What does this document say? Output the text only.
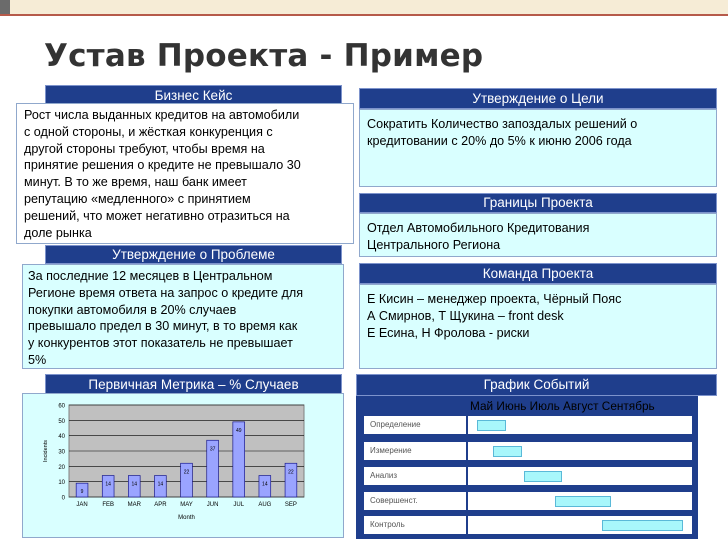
Устав Проекта - Пример
Бизнес Кейс
Рост числа выданных кредитов на автомобили
с одной стороны, и жёсткая конкуренция с
другой стороны требуют, чтобы время на
принятие решения о кредите не превышало 30
минут. В то же время, наш банк имеет
репутацию «медленного» с принятием
решений, что может негативно отразиться на
доле рынка
Утверждение о Проблеме
За последние 12 месяцев в Центральном
Регионе время ответа на запрос о кредите для
покупки автомобиля в 20% случаев
превышало предел в 30 минут, в то время как
у конкурентов этот показатель не превышает
5%
Утверждение о Цели
Сократить Количество запоздалых решений о
кредитовании с 20% до 5% к июню 2006 года
Границы Проекта
Отдел Автомобильного Кредитования
Центрального Региона
Команда Проекта
Е Кисин – менеджер проекта, Чёрный Пояс
А Смирнов, Т Щукина – front desk
Е Есина, Н Фролова - риски
Первичная Метрика – % Случаев
0
10
20
30
40
50
60
9
JAN
14
FEB
14
MAR
14
APR
22
MAY
37
JUN
49
JUL
14
AUG
22
SEP
Month
Incidents
График Событий
Определение
Измерение
Анализ
Совершенст.
Контроль
Май Июнь Июль Август Сентябрь
